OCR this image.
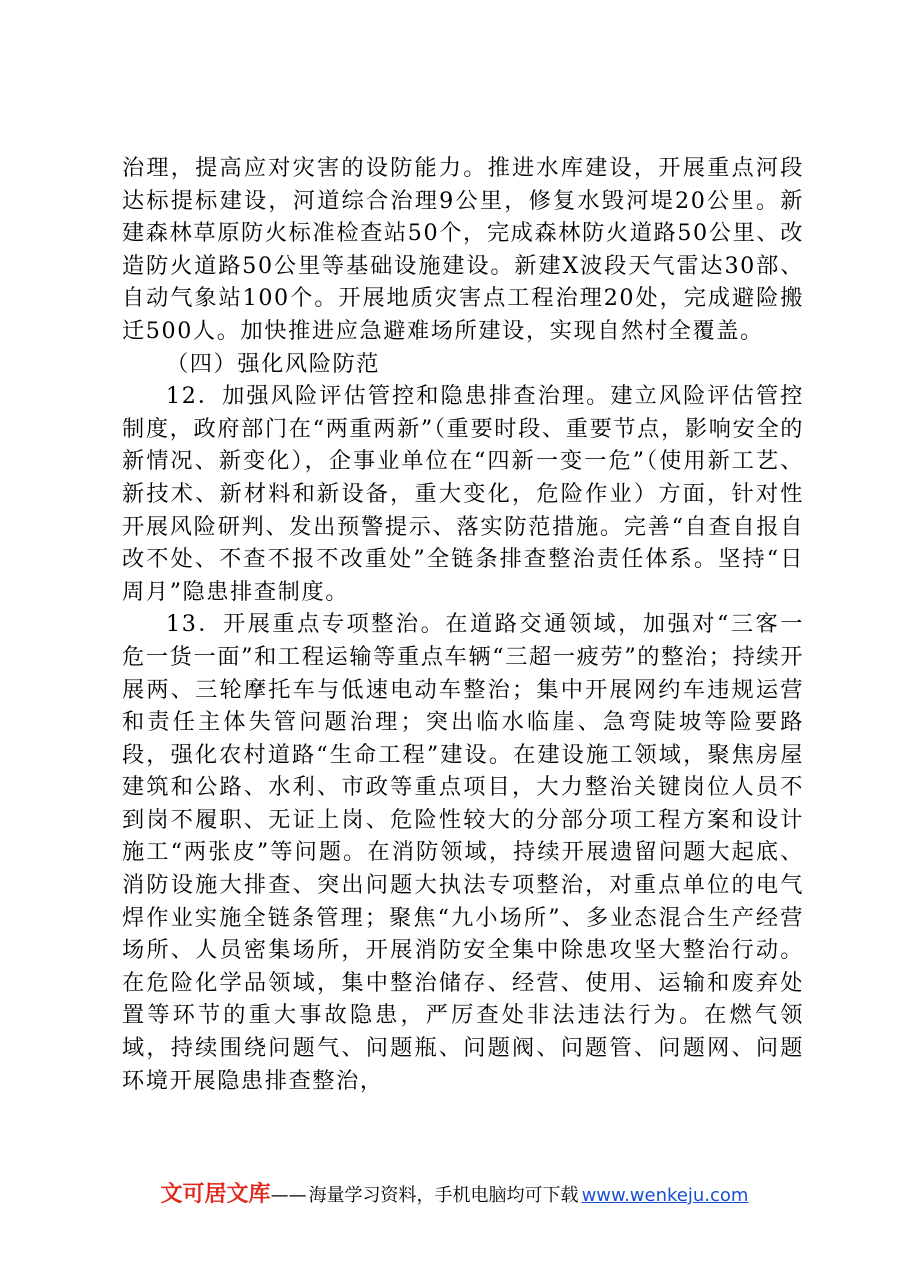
治理，提高应对灾害的设防能力。推进水库建设，开展重点河段达标提标建设，河道综合治理9公里，修复水毁河堤20公里。新建森林草原防火标准检查站50个，完成森林防火道路50公里、改造防火道路50公里等基础设施建设。新建X波段天气雷达30部、自动气象站100个。开展地质灾害点工程治理20处，完成避险搬迁500人。加快推进应急避难场所建设，实现自然村全覆盖。

（四）强化风险防范

12．加强风险评估管控和隐患排查治理。建立风险评估管控制度，政府部门在“两重两新”（重要时段、重要节点，影响安全的新情况、新变化），企事业单位在“四新一变一危”（使用新工艺、新技术、新材料和新设备，重大变化，危险作业）方面，针对性开展风险研判、发出预警提示、落实防范措施。完善“自查自报自改不处、不查不报不改重处”全链条排查整治责任体系。坚持“日周月”隐患排查制度。

13．开展重点专项整治。在道路交通领域，加强对“三客一危一货一面”和工程运输等重点车辆“三超一疲劳”的整治；持续开展两、三轮摩托车与低速电动车整治；集中开展网约车违规运营和责任主体失管问题治理；突出临水临崖、急弯陡坡等险要路段，强化农村道路“生命工程”建设。在建设施工领域，聚焦房屋建筑和公路、水利、市政等重点项目，大力整治关键岗位人员不到岗不履职、无证上岗、危险性较大的分部分项工程方案和设计施工“两张皮”等问题。在消防领域，持续开展遗留问题大起底、消防设施大排查、突出问题大执法专项整治，对重点单位的电气焊作业实施全链条管理；聚焦“九小场所”、多业态混合生产经营场所、人员密集场所，开展消防安全集中除患攻坚大整治行动。在危险化学品领域，集中整治储存、经营、使用、运输和废弃处置等环节的重大事故隐患，严厉查处非法违法行为。在燃气领域，持续围绕问题气、问题瓶、问题阀、问题管、问题网、问题环境开展隐患排查整治，

文可居文库—— 海量学习资料，手机电脑均可下载 www.wenkeju.com
